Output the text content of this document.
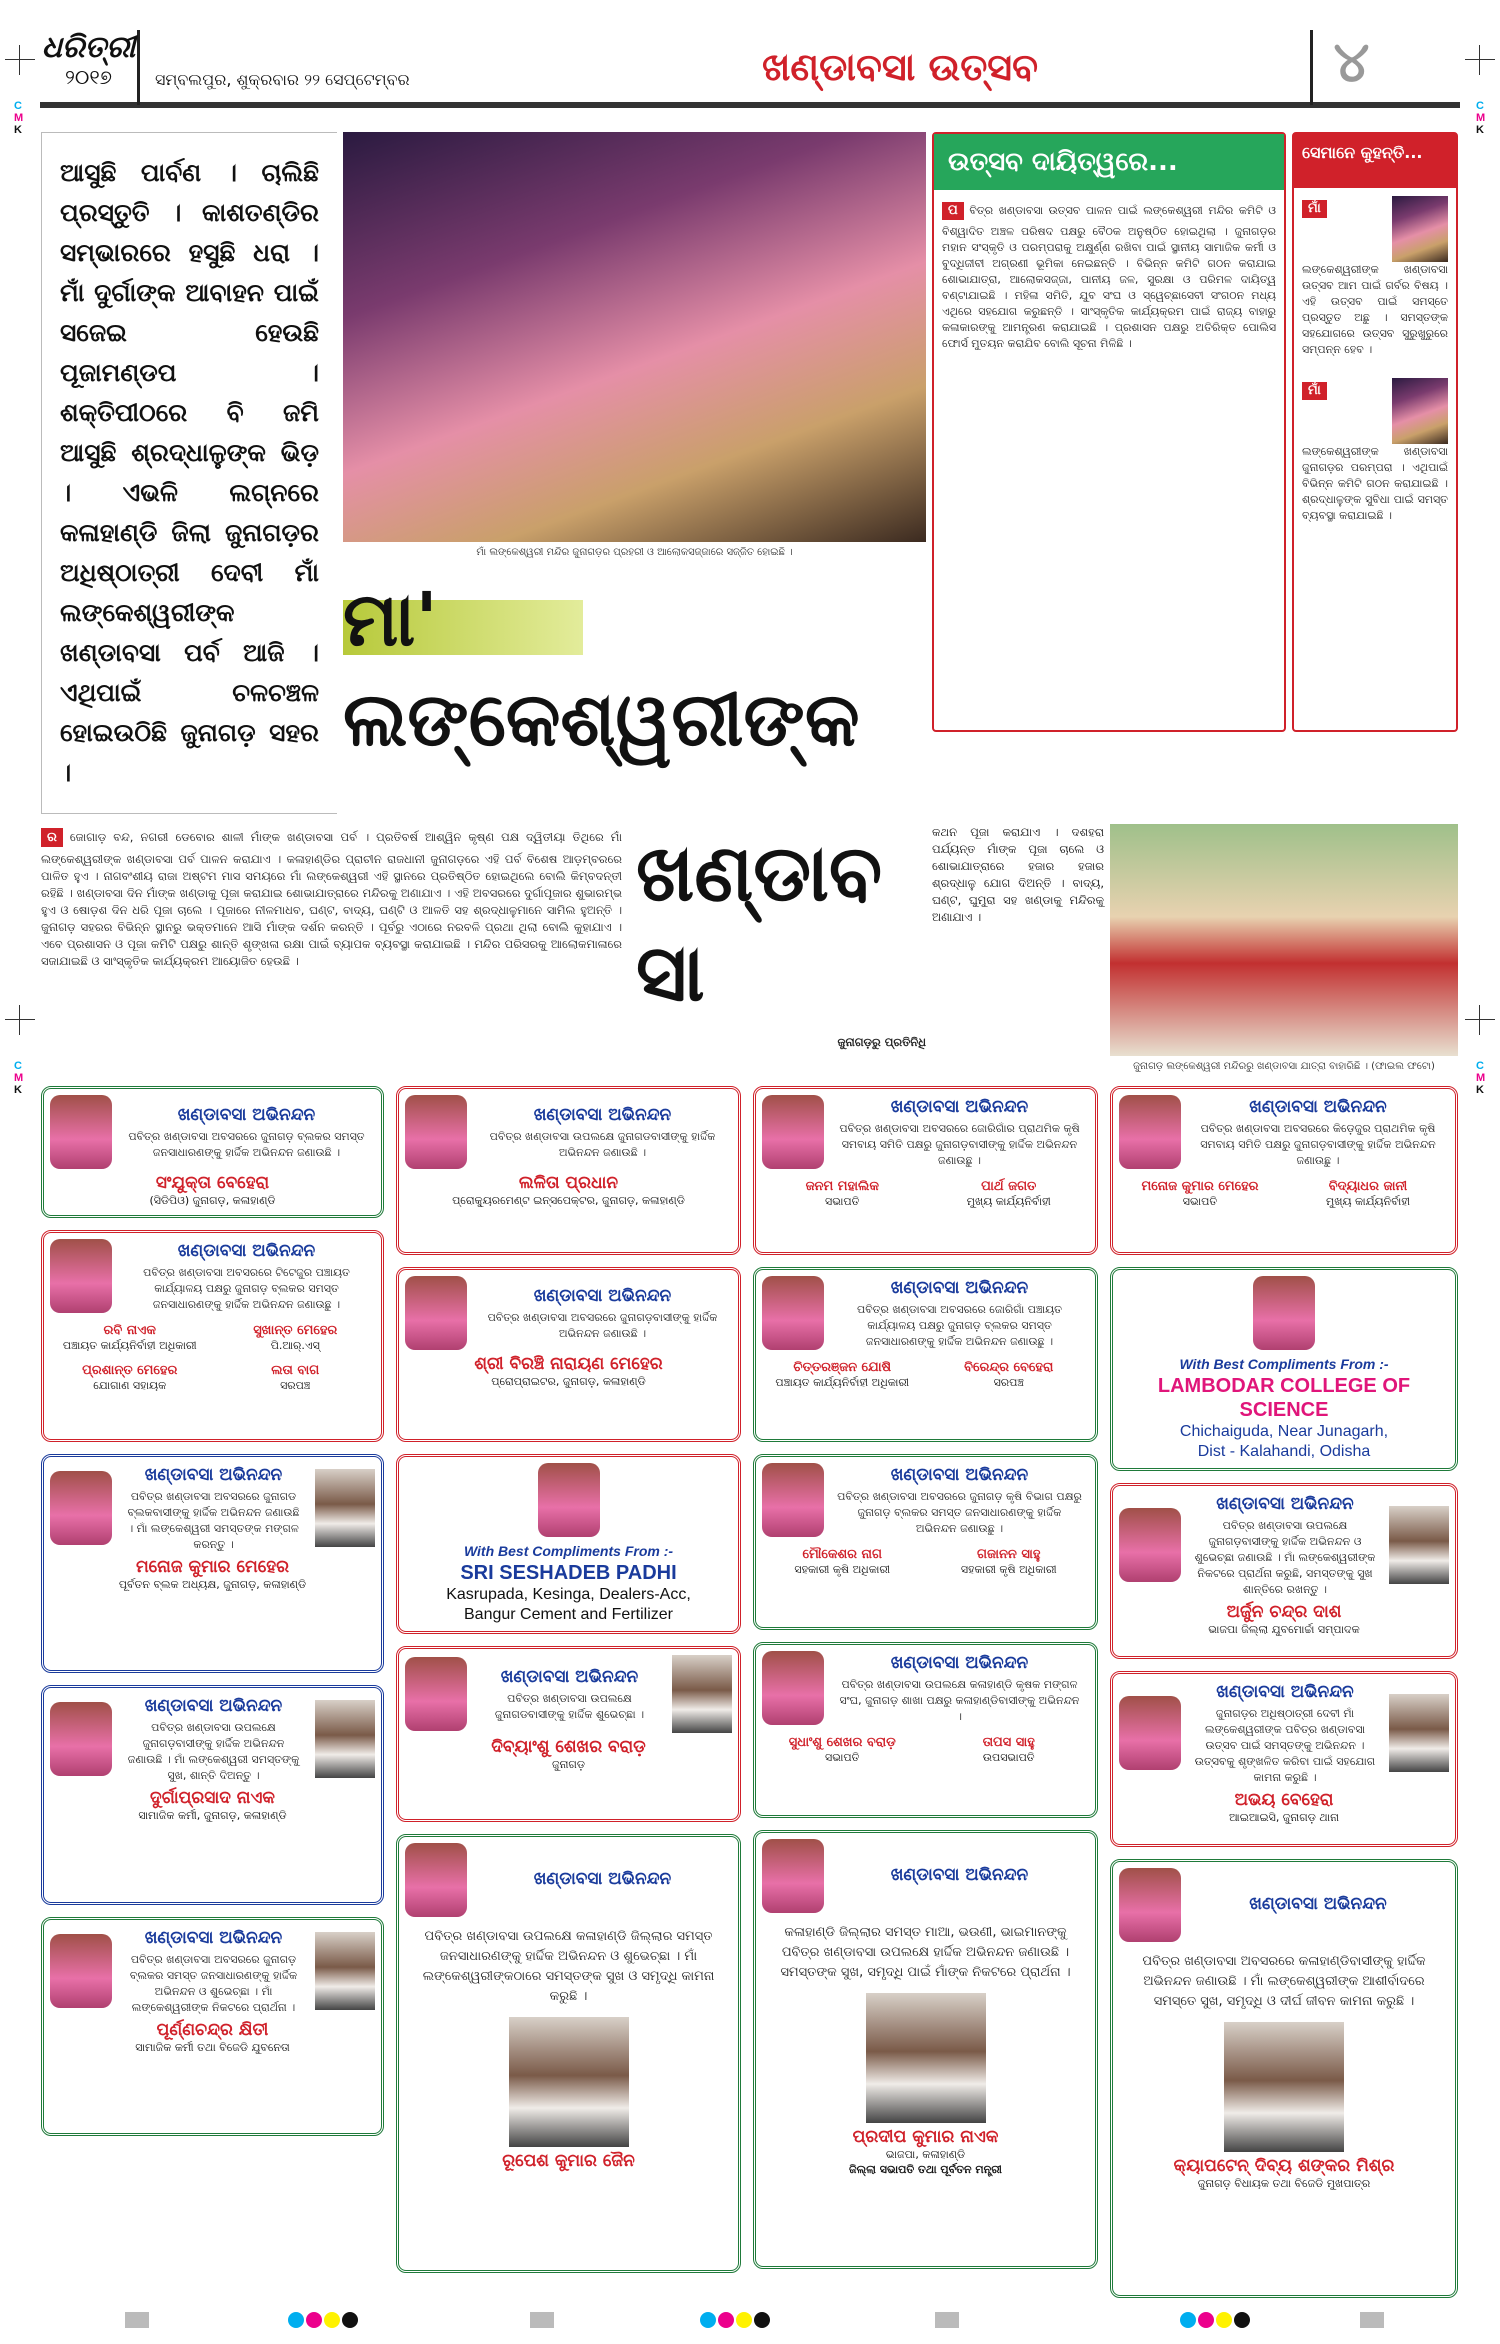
C
M
K
C
M
K
C
M
K
C
M
K
ଧରିତ୍ରୀ
୨୦୧୭	ସମ୍ବଲପୁର, ଶୁକ୍ରବାର ୨୨ ସେପ୍ଟେମ୍ବର	ଖଣ୍ଡାବସା ଉତ୍ସବ	୪
ଆସୁଛି ପାର୍ବଣ । ଚାଲିଛି ପ୍ରସ୍ତୁତି । କାଶତଣ୍ଡିର ସମ୍ଭାରରେ ହସୁଛି ଧରା । ମାଁ ଦୁର୍ଗାଙ୍କ ଆବାହନ ପାଇଁ ସଜେଇ ହେଉଛି ପୂଜାମଣ୍ଡପ । ଶକ୍ତିପୀଠରେ ବି ଜମି ଆସୁଛି ଶ୍ରଦ୍ଧାଳୁଙ୍କ ଭିଡ଼ । ଏଭଳି ଲଗ୍ନରେ କଳାହାଣ୍ଡି ଜିଲା ଜୁନାଗଡ଼ର ଅଧିଷ୍ଠାତ୍ରୀ ଦେବୀ ମାଁ ଲଙ୍କେଶ୍ୱରୀଙ୍କ ଖଣ୍ଡାବସା ପର୍ବ ଆଜି ।ଏଥିପାଇଁ ଚଳଚଞ୍ଚଳ ହୋଇଉଠିଛି ଜୁନାଗଡ଼ ସହର ।
ମାଁ ଲଙ୍କେଶ୍ୱରୀ ମନ୍ଦିର ଜୁନାଗଡ଼ର ପ୍ରହରୀ ଓ ଆଲୋକସଜ୍ଜାରେ ସଜ୍ଜିତ ହୋଇଛି ।
ମା' ଲଙ୍କେଶ୍ୱରୀଙ୍କ
ଉତ୍ସବ ଦାୟିତ୍ୱରେ...
ପ ବିତ୍ର ଖଣ୍ଡାବସା ଉତ୍ସବ ପାଳନ ପାଇଁ ଲଙ୍କେଶ୍ୱରୀ ମନ୍ଦିର କମିଟି ଓ ବିଶ୍ୱାଦିତ ଅଞ୍ଚଳ ପରିଷଦ ପକ୍ଷରୁ ବୈଠକ ଅନୁଷ୍ଠିତ ହୋଇଥିଲା । ଜୁନାଗଡ଼ର ମହାନ ସଂସ୍କୃତି ଓ ପରମ୍ପରାକୁ ଅକ୍ଷୁର୍ଣ୍ଣ ରଖିବା ପାଇଁ ସ୍ଥାନୀୟ ସାମାଜିକ କର୍ମୀ ଓ ବୁଦ୍ଧିଜୀବୀ ଅଗ୍ରଣୀ ଭୂମିକା ନେଇଛନ୍ତି । ବିଭିନ୍ନ କମିଟି ଗଠନ କରାଯାଇ ଶୋଭାଯାତ୍ରା, ଆଲୋକସଜ୍ଜା, ପାନୀୟ ଜଳ, ସୁରକ୍ଷା ଓ ପରିମଳ ଦାୟିତ୍ୱ ବଣ୍ଟାଯାଇଛି । ମହିଳା ସମିତି, ଯୁବ ସଂଘ ଓ ସ୍ୱେଚ୍ଛାସେବୀ ସଂଗଠନ ମଧ୍ୟ ଏଥିରେ ସହଯୋଗ କରୁଛନ୍ତି । ସାଂସ୍କୃତିକ କାର୍ଯ୍ୟକ୍ରମ ପାଇଁ ରାଜ୍ୟ ବାହାରୁ କଳାକାରଙ୍କୁ ଆମନ୍ତ୍ରଣ କରାଯାଇଛି । ପ୍ରଶାସନ ପକ୍ଷରୁ ଅତିରିକ୍ତ ପୋଲିସ ଫୋର୍ସ ମୁତୟନ କରାଯିବ ବୋଲି ସୂଚନା ମିଳିଛି ।
ସେମାନେ କୁହନ୍ତି...
ମାଁ
ଲଙ୍କେଶ୍ୱରୀଙ୍କ ଖଣ୍ଡାବସା ଉତ୍ସବ ଆମ ପାଇଁ ଗର୍ବର ବିଷୟ । ଏହି ଉତ୍ସବ ପାଇଁ ସମସ୍ତେ ପ୍ରସ୍ତୁତ ଅଛୁ । ସମସ୍ତଙ୍କ ସହଯୋଗରେ ଉତ୍ସବ ସୁରୁଖୁରୁରେ ସମ୍ପନ୍ନ ହେବ ।
ମାଁ
ଲଙ୍କେଶ୍ୱରୀଙ୍କ ଖଣ୍ଡାବସା ଜୁନାଗଡ଼ର ପରମ୍ପରା । ଏଥିପାଇଁ ବିଭିନ୍ନ କମିଟି ଗଠନ କରାଯାଇଛି । ଶ୍ରଦ୍ଧାଳୁଙ୍କ ସୁବିଧା ପାଇଁ ସମସ୍ତ ବ୍ୟବସ୍ଥା କରାଯାଇଛି ।
ଖଣ୍ଡାବସା
ର ଜୋଗାଡ଼ ବନ୍ଦ, ନଗରୀ ଡେବୋର ଶାଳୀ ମାଁଙ୍କ ଖଣ୍ଡାବସା ପର୍ବ । ପ୍ରତିବର୍ଷ ଆଶ୍ୱିନ କୃଷ୍ଣ ପକ୍ଷ ଦ୍ୱିତୀୟା ତିଥିରେ ମାଁ ଲଙ୍କେଶ୍ୱରୀଙ୍କ ଖଣ୍ଡାବସା ପର୍ବ ପାଳନ କରାଯାଏ । କଳାହାଣ୍ଡିର ପ୍ରାଚୀନ ରାଜଧାନୀ ଜୁନାଗଡ଼ରେ ଏହି ପର୍ବ ବିଶେଷ ଆଡ଼ମ୍ବରରେ ପାଳିତ ହୁଏ । ନାଗବଂଶୀୟ ରାଜା ଅଷ୍ଟମ ମାସ ସମୟରେ ମାଁ ଲଙ୍କେଶ୍ୱରୀ ଏହି ସ୍ଥାନରେ ପ୍ରତିଷ୍ଠିତ ହୋଇଥିଲେ ବୋଲି କିମ୍ବଦନ୍ତୀ ରହିଛି । ଖଣ୍ଡାବସା ଦିନ ମାଁଙ୍କ ଖଣ୍ଡାକୁ ପୂଜା କରାଯାଇ ଶୋଭାଯାତ୍ରାରେ ମନ୍ଦିରକୁ ଅଣାଯାଏ । ଏହି ଅବସରରେ ଦୁର୍ଗାପୂଜାର ଶୁଭାରମ୍ଭ ହୁଏ ଓ ଷୋଡ଼ଶ ଦିନ ଧରି ପୂଜା ଚାଲେ । ପୂଜାରେ ନୀଳମାଧବ, ଘଣ୍ଟ, ବାଦ୍ୟ, ଘଣ୍ଟି ଓ ଆଳତି ସହ ଶ୍ରଦ୍ଧାଳୁମାନେ ସାମିଲ ହୁଅନ୍ତି । ଜୁନାଗଡ଼ ସହରର ବିଭିନ୍ନ ସ୍ଥାନରୁ ଭକ୍ତମାନେ ଆସି ମାଁଙ୍କ ଦର୍ଶନ କରନ୍ତି । ପୂର୍ବରୁ ଏଠାରେ ନରବଳି ପ୍ରଥା ଥିଲା ବୋଲି କୁହାଯାଏ । ଏବେ ପ୍ରଶାସନ ଓ ପୂଜା କମିଟି ପକ୍ଷରୁ ଶାନ୍ତି ଶୃଙ୍ଖଳା ରକ୍ଷା ପାଇଁ ବ୍ୟାପକ ବ୍ୟବସ୍ଥା କରାଯାଇଛି । ମନ୍ଦିର ପରିସରକୁ ଆଲୋକମାଳାରେ ସଜାଯାଇଛି ଓ ସାଂସ୍କୃତିକ କାର୍ଯ୍ୟକ୍ରମ ଆୟୋଜିତ ହେଉଛି ।
ଜୁନାଗଡ଼ରୁ ପ୍ରତିନିଧି
କଥନ ପୂଜା କରାଯାଏ । ଦଶହରା ପର୍ଯ୍ୟନ୍ତ ମାଁଙ୍କ ପୂଜା ଚାଲେ ଓ ଶୋଭାଯାତ୍ରାରେ ହଜାର ହଜାର ଶ୍ରଦ୍ଧାଳୁ ଯୋଗ ଦିଅନ୍ତି । ବାଦ୍ୟ, ଘଣ୍ଟ, ଘୁମୁରା ସହ ଖଣ୍ଡାକୁ ମନ୍ଦିରକୁ ଅଣାଯାଏ ।
ଜୁନାଗଡ଼ ଲଙ୍କେଶ୍ୱରୀ ମନ୍ଦିରରୁ ଖଣ୍ଡାବସା ଯାତ୍ରା ବାହାରିଛି । (ଫାଇଲ ଫଟୋ)
ଖଣ୍ଡାବସା ଅଭିନନ୍ଦନ
ପବିତ୍ର ଖଣ୍ଡାବସା ଅବସରରେ ଜୁନାଗଡ଼ ବ୍ଲକର ସମସ୍ତ ଜନସାଧାରଣଙ୍କୁ ହାର୍ଦ୍ଦିକ ଅଭିନନ୍ଦନ ଜଣାଉଛି ।
ସଂଯୁକ୍ତା ବେହେରା
(ସିଡିପିଓ) ଜୁନାଗଡ଼, କଳାହାଣ୍ଡି
ଖଣ୍ଡାବସା ଅଭିନନ୍ଦନ
ପବିତ୍ର ଖଣ୍ଡାବସା ଅବସରରେ ଟିଟେଜୁର ପଞ୍ଚାୟତ କାର୍ଯ୍ୟାଳୟ ପକ୍ଷରୁ ଜୁନାଗଡ଼ ବ୍ଲକର ସମସ୍ତ ଜନସାଧାରଣଙ୍କୁ ହାର୍ଦ୍ଦିକ ଅଭିନନ୍ଦନ ଜଣାଉଛୁ ।
ରବି ନାଏକ
ପଞ୍ଚାୟତ କାର୍ଯ୍ୟନିର୍ବାହୀ ଅଧିକାରୀ
ସୁଖାନ୍ତ ମେହେର
ପି.ଆର୍.ଏସ୍
ପ୍ରଶାନ୍ତ ମେହେର
ଯୋଗାଣ ସହାୟକ
ଲତା ବାଗ
ସରପଞ୍ଚ
ଖଣ୍ଡାବସା ଅଭିନନ୍ଦନ
ପବିତ୍ର ଖଣ୍ଡାବସା ଅବସରରେ ଜୁନାଗଡ ବ୍ଲକବାସୀଙ୍କୁ ହାର୍ଦ୍ଦିକ ଅଭିନନ୍ଦନ ଜଣାଉଛି । ମାଁ ଲଙ୍କେଶ୍ୱରୀ ସମସ୍ତଙ୍କ ମଙ୍ଗଳ କରନ୍ତୁ ।
ମନୋଜ କୁମାର ମେହେର
ପୂର୍ବତନ ବ୍ଲକ ଅଧ୍ୟକ୍ଷ, ଜୁନାଗଡ଼, କଳାହାଣ୍ଡି
ଖଣ୍ଡାବସା ଅଭିନନ୍ଦନ
ପବିତ୍ର ଖଣ୍ଡାବସା ଉପଲକ୍ଷେ ଜୁନାଗଡ଼ବାସୀଙ୍କୁ ହାର୍ଦ୍ଦିକ ଅଭିନନ୍ଦନ ଜଣାଉଛି । ମାଁ ଲଙ୍କେଶ୍ୱରୀ ସମସ୍ତଙ୍କୁ ସୁଖ, ଶାନ୍ତି ଦିଅନ୍ତୁ ।
ଦୁର୍ଗାପ୍ରସାଦ ନାଏକ
ସାମାଜିକ କର୍ମୀ, ଜୁନାଗଡ଼, କଳାହାଣ୍ଡି
ଖଣ୍ଡାବସା ଅଭିନନ୍ଦନ
ପବିତ୍ର ଖଣ୍ଡାବସା ଅବସରରେ ଜୁନାଗଡ଼ ବ୍ଲକର ସମସ୍ତ ଜନସାଧାରଣଙ୍କୁ ହାର୍ଦ୍ଦିକ ଅଭିନନ୍ଦନ ଓ ଶୁଭେଚ୍ଛା । ମାଁ ଲଙ୍କେଶ୍ୱରୀଙ୍କ ନିକଟରେ ପ୍ରାର୍ଥନା ।
ପୂର୍ଣ୍ଣଚନ୍ଦ୍ର କ୍ଷିତୀ
ସାମାଜିକ କର୍ମୀ ତଥା ବିଜେଡି ଯୁବନେତା
ଖଣ୍ଡାବସା ଅଭିନନ୍ଦନ
ପବିତ୍ର ଖଣ୍ଡାବସା ଉପଲକ୍ଷେ ଜୁନାଗଡବାସୀଙ୍କୁ ହାର୍ଦ୍ଦିକ ଅଭିନନ୍ଦନ ଜଣାଉଛି ।
ଲଳିତା ପ୍ରଧାନ
ପ୍ରୋକ୍ୟୁରମେଣ୍ଟ ଇନ୍ସପେକ୍ଟର, ଜୁନାଗଡ଼, କଳାହାଣ୍ଡି
ଖଣ୍ଡାବସା ଅଭିନନ୍ଦନ
ପବିତ୍ର ଖଣ୍ଡାବସା ଅବସରରେ ଜୁନାଗଡ଼ବାସୀଙ୍କୁ ହାର୍ଦ୍ଦିକ ଅଭିନନ୍ଦନ ଜଣାଉଛି ।
ଶ୍ରୀ ବିରଞ୍ଚି ନାରାୟଣ ମେହେର
ପ୍ରୋପ୍ରାଇଟର, ଜୁନାଗଡ଼, କଳାହାଣ୍ଡି
With Best Compliments From :-
SRI SESHADEB PADHI
Kasrupada, Kesinga, Dealers-Acc,
Bangur Cement and Fertilizer
ଖଣ୍ଡାବସା ଅଭିନନ୍ଦନ
ପବିତ୍ର ଖଣ୍ଡାବସା ଉପଲକ୍ଷେ ଜୁନାଗଡବାସୀଙ୍କୁ ହାର୍ଦ୍ଦିକ ଶୁଭେଚ୍ଛା ।
ଦିବ୍ୟାଂଶୁ ଶେଖର ବରାଡ଼
ଜୁନାଗଡ଼
ଖଣ୍ଡାବସା ଅଭିନନ୍ଦନ
ପବିତ୍ର ଖଣ୍ଡାବସା ଉପଲକ୍ଷେ କଳାହାଣ୍ଡି ଜିଲ୍ଲାର ସମସ୍ତ ଜନସାଧାରଣଙ୍କୁ ହାର୍ଦ୍ଦିକ ଅଭିନନ୍ଦନ ଓ ଶୁଭେଚ୍ଛା । ମାଁ ଲଙ୍କେଶ୍ୱରୀଙ୍କଠାରେ ସମସ୍ତଙ୍କ ସୁଖ ଓ ସମୃଦ୍ଧି କାମନା କରୁଛି ।
ରୂପେଶ କୁମାର ଜୈନ
ଖଣ୍ଡାବସା ଅଭିନନ୍ଦନ
ପବିତ୍ର ଖଣ୍ଡାବସା ଅବସରରେ ଜୋରିଗାଁର ପ୍ରାଥମିକ କୃଷି ସମବାୟ ସମିତି ପକ୍ଷରୁ ଜୁନାଗଡ଼ବାସୀଙ୍କୁ ହାର୍ଦ୍ଦିକ ଅଭିନନ୍ଦନ ଜଣାଉଛୁ ।
ଜନମ ମହାଲିକ
ସଭାପତି
ପାର୍ଥ ଜଗତ
ମୁଖ୍ୟ କାର୍ଯ୍ୟନିର୍ବାହୀ
ଖଣ୍ଡାବସା ଅଭିନନ୍ଦନ
ପବିତ୍ର ଖଣ୍ଡାବସା ଅବସରରେ ଜୋରିଗାଁ ପଞ୍ଚାୟତ କାର୍ଯ୍ୟାଳୟ ପକ୍ଷରୁ ଜୁନାଗଡ଼ ବ୍ଲକର ସମସ୍ତ ଜନସାଧାରଣଙ୍କୁ ହାର୍ଦ୍ଦିକ ଅଭିନନ୍ଦନ ଜଣାଉଛୁ ।
ଚିତ୍ତରଞ୍ଜନ ଯୋଷି
ପଞ୍ଚାୟତ କାର୍ଯ୍ୟନିର୍ବାହୀ ଅଧିକାରୀ
ବିରେନ୍ଦ୍ର ବେହେରା
ସରପଞ୍ଚ
ଖଣ୍ଡାବସା ଅଭିନନ୍ଦନ
ପବିତ୍ର ଖଣ୍ଡାବସା ଅବସରରେ ଜୁନାଗଡ଼ କୃଷି ବିଭାଗ ପକ୍ଷରୁ ଜୁନାଗଡ଼ ବ୍ଲକର ସମସ୍ତ ଜନସାଧାରଣଙ୍କୁ ହାର୍ଦ୍ଦିକ ଅଭିନନ୍ଦନ ଜଣାଉଛୁ ।
ମୌକେଶର ନାଗ
ସହକାରୀ କୃଷି ଅଧିକାରୀ
ଗଜାନନ ସାହୁ
ସହକାରୀ କୃଷି ଅଧିକାରୀ
ଖଣ୍ଡାବସା ଅଭିନନ୍ଦନ
ପବିତ୍ର ଖଣ୍ଡାବସା ଉପଲକ୍ଷେ କଳାହାଣ୍ଡି କୃଷକ ମଙ୍ଗଳ ସଂଘ, ଜୁନାଗଡ଼ ଶାଖା ପକ୍ଷରୁ କଳାହାଣ୍ଡିବାସୀଙ୍କୁ ଅଭିନନ୍ଦନ ।
ସୁଧାଂଶୁ ଶେଖର ବରାଡ଼
ସଭାପତି
ତାପସ ସାହୁ
ଉପସଭାପତି
ଖଣ୍ଡାବସା ଅଭିନନ୍ଦନ
କଳାହାଣ୍ଡି ଜିଲ୍ଲାର ସମସ୍ତ ମାଆ, ଭଉଣୀ, ଭାଇମାନଙ୍କୁ ପବିତ୍ର ଖଣ୍ଡାବସା ଉପଲକ୍ଷେ ହାର୍ଦ୍ଦିକ ଅଭିନନ୍ଦନ ଜଣାଉଛି । ସମସ୍ତଙ୍କ ସୁଖ, ସମୃଦ୍ଧି ପାଇଁ ମାଁଙ୍କ ନିକଟରେ ପ୍ରାର୍ଥନା ।
ପ୍ରଦୀପ କୁମାର ନାଏକ
ଭାଜପା, କଳାହାଣ୍ଡି
ଜିଲ୍ଲା ସଭାପତି ତଥା ପୂର୍ବତନ ମନ୍ତ୍ରୀ
ଖଣ୍ଡାବସା ଅଭିନନ୍ଦନ
ପବିତ୍ର ଖଣ୍ଡାବସା ଅବସରରେ କିଡ଼େଜୁର ପ୍ରାଥମିକ କୃଷି ସମବାୟ ସମିତି ପକ୍ଷରୁ ଜୁନାଗଡ଼ବାସୀଙ୍କୁ ହାର୍ଦ୍ଦିକ ଅଭିନନ୍ଦନ ଜଣାଉଛୁ ।
ମନୋଜ କୁମାର ମେହେର
ସଭାପତି
ବିଦ୍ୟାଧର ଜାନୀ
ମୁଖ୍ୟ କାର୍ଯ୍ୟନିର୍ବାହୀ
With Best Compliments From :-
LAMBODAR COLLEGE OF SCIENCE
Chichaiguda, Near Junagarh,
Dist - Kalahandi, Odisha
ଖଣ୍ଡାବସା ଅଭିନନ୍ଦନ
ପବିତ୍ର ଖଣ୍ଡାବସା ଉପଲକ୍ଷେ ଜୁନାଗଡ଼ବାସୀଙ୍କୁ ହାର୍ଦ୍ଦିକ ଅଭିନନ୍ଦନ ଓ ଶୁଭେଚ୍ଛା ଜଣାଉଛି । ମାଁ ଲଙ୍କେଶ୍ୱରୀଙ୍କ ନିକଟରେ ପ୍ରାର୍ଥନା କରୁଛି, ସମସ୍ତଙ୍କୁ ସୁଖ ଶାନ୍ତିରେ ରଖନ୍ତୁ ।
ଅର୍ଜୁନ ଚନ୍ଦ୍ର ଦାଶ
ଭାଜପା ଜିଲ୍ଲା ଯୁବମୋର୍ଚ୍ଚା ସମ୍ପାଦକ
ଖଣ୍ଡାବସା ଅଭିନନ୍ଦନ
ଜୁନାଗଡ଼ର ଅଧିଷ୍ଠାତ୍ରୀ ଦେବୀ ମାଁ ଲଙ୍କେଶ୍ୱରୀଙ୍କ ପବିତ୍ର ଖଣ୍ଡାବସା ଉତ୍ସବ ପାଇଁ ସମସ୍ତଙ୍କୁ ଅଭିନନ୍ଦନ । ଉତ୍ସବକୁ ଶୃଙ୍ଖଳିତ କରିବା ପାଇଁ ସହଯୋଗ କାମନା କରୁଛି ।
ଅଭୟ ବେହେରା
ଆଇଆଇସି, ଜୁନାଗଡ଼ ଥାନା
ଖଣ୍ଡାବସା ଅଭିନନ୍ଦନ
ପବିତ୍ର ଖଣ୍ଡାବସା ଅବସରରେ କଳାହାଣ୍ଡିବାସୀଙ୍କୁ ହାର୍ଦ୍ଦିକ ଅଭିନନ୍ଦନ ଜଣାଉଛି । ମାଁ ଲଙ୍କେଶ୍ୱରୀଙ୍କ ଆଶୀର୍ବାଦରେ ସମସ୍ତେ ସୁଖ, ସମୃଦ୍ଧି ଓ ଦୀର୍ଘ ଜୀବନ କାମନା କରୁଛି ।
କ୍ୟାପଟେନ୍ ଦିବ୍ୟ ଶଙ୍କର ମିଶ୍ର
ଜୁନାଗଡ଼ ବିଧାୟକ ତଥା ବିଜେଡି ମୁଖପାତ୍ର
